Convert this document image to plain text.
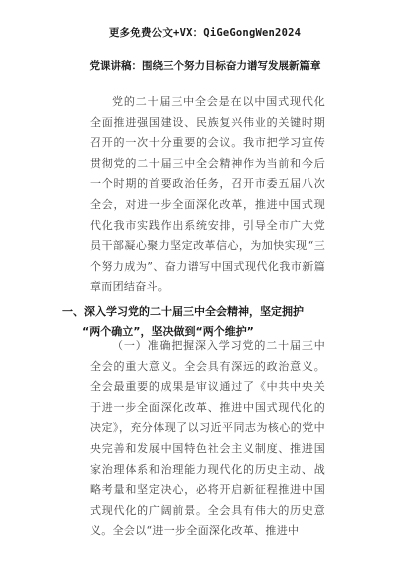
更多免费公文+VX：QiGeGongWen2024
党课讲稿：围绕三个努力目标奋力谱写发展新篇章

党的二十届三中全会是在以中国式现代化全面推进强国建设、民族复兴伟业的关键时期召开的一次十分重要的会议。我市把学习宣传贯彻党的二十届三中全会精神作为当前和今后一个时期的首要政治任务，召开市委五届八次全会，对进一步全面深化改革，推进中国式现代化我市实践作出系统安排，引导全市广大党员干部凝心聚力坚定改革信心，为加快实现“三个努力成为”、奋力谱写中国式现代化我市新篇章而团结奋斗。

一、深入学习党的二十届三中全会精神，坚定拥护
“两个确立”，坚决做到“两个维护”

（一）准确把握深入学习党的二十届三中全会的重大意义。全会具有深远的政治意义。全会最重要的成果是审议通过了《中共中央关于进一步全面深化改革、推进中国式现代化的决定》，充分体现了以习近平同志为核心的党中央完善和发展中国特色社会主义制度、推进国家治理体系和治理能力现代化的历史主动、战略考量和坚定决心，必将开启新征程推进中国式现代化的广阔前景。全会具有伟大的历史意义。全会以“进一步全面深化改革、推进中
